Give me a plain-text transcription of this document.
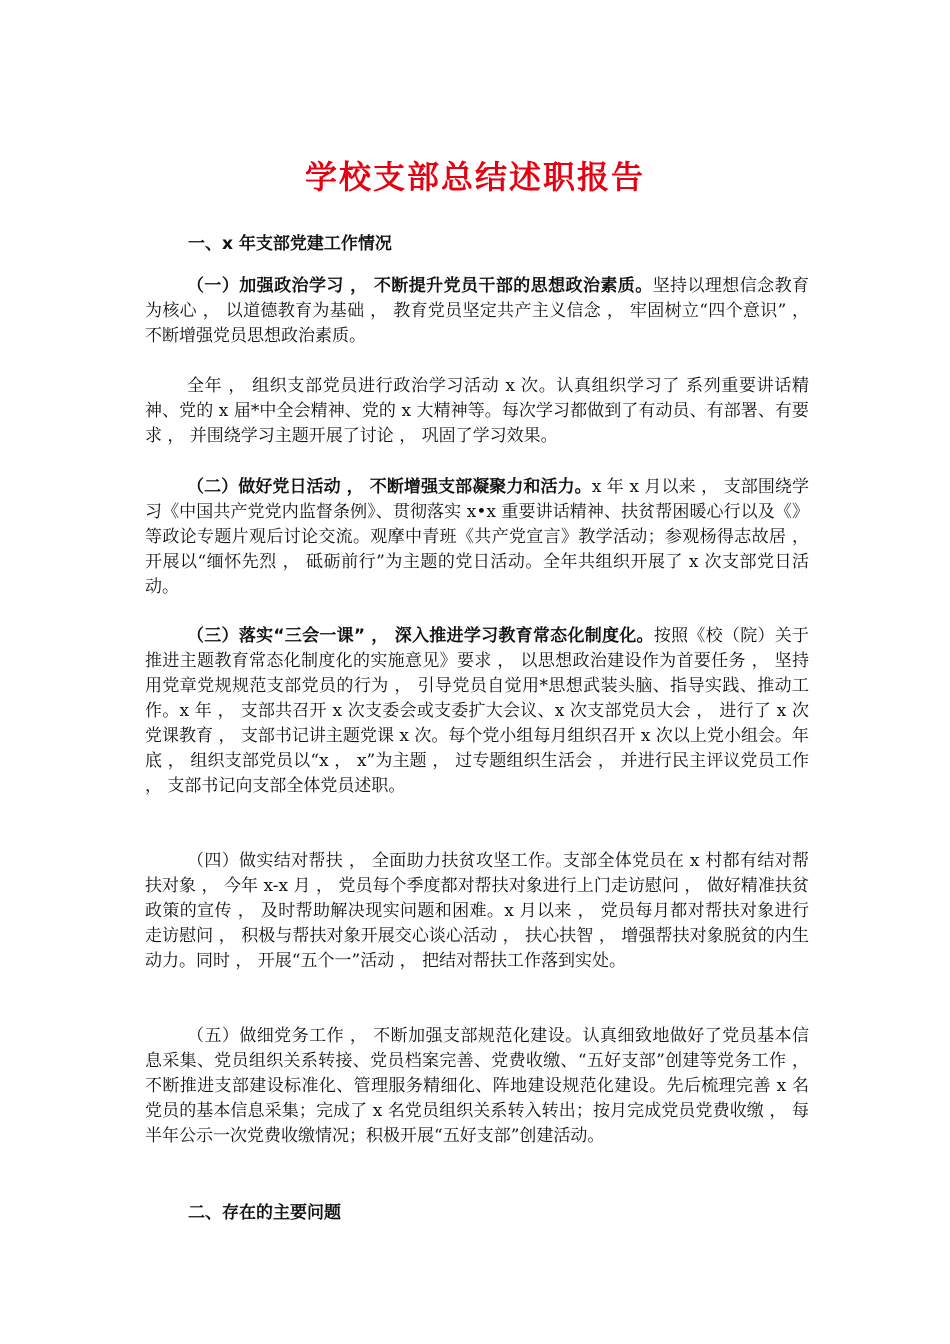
学校支部总结述职报告
一、x 年支部党建工作情况
（一）加强政治学习 ， 不断提升党员干部的思想政治素质。坚持以理想信念教育为核心 ， 以道德教育为基础 ， 教育党员坚定共产主义信念 ， 牢固树立“四个意识” ， 不断增强党员思想政治素质。
全年 ， 组织支部党员进行政治学习活动 x 次。认真组织学习了 系列重要讲话精神、党的 x 届*中全会精神、党的 x 大精神等。每次学习都做到了有动员、有部署、有要求 ， 并围绕学习主题开展了讨论 ， 巩固了学习效果。
（二）做好党日活动 ， 不断增强支部凝聚力和活力。x 年 x 月以来 ， 支部围绕学习《中国共产党党内监督条例》、贯彻落实 x•x 重要讲话精神、扶贫帮困暖心行以及《》等政论专题片观后讨论交流。观摩中青班《共产党宣言》教学活动；参观杨得志故居 ， 开展以“缅怀先烈 ， 砥砺前行”为主题的党日活动。全年共组织开展了 x 次支部党日活动。
（三）落实“三会一课” ， 深入推进学习教育常态化制度化。按照《校（院）关于推进主题教育常态化制度化的实施意见》要求 ， 以思想政治建设作为首要任务 ， 坚持用党章党规规范支部党员的行为 ， 引导党员自觉用*思想武装头脑、指导实践、推动工作。x 年 ， 支部共召开 x 次支委会或支委扩大会议、x 次支部党员大会 ， 进行了 x 次党课教育 ， 支部书记讲主题党课 x 次。每个党小组每月组织召开 x 次以上党小组会。年底 ， 组织支部党员以“x ， x”为主题 ， 过专题组织生活会 ， 并进行民主评议党员工作 ， 支部书记向支部全体党员述职。
（四）做实结对帮扶 ， 全面助力扶贫攻坚工作。支部全体党员在 x 村都有结对帮扶对象 ， 今年 x-x 月 ， 党员每个季度都对帮扶对象进行上门走访慰问 ， 做好精准扶贫政策的宣传 ， 及时帮助解决现实问题和困难。x 月以来 ， 党员每月都对帮扶对象进行走访慰问 ， 积极与帮扶对象开展交心谈心活动 ， 扶心扶智 ， 增强帮扶对象脱贫的内生动力。同时 ， 开展“五个一”活动 ， 把结对帮扶工作落到实处。
（五）做细党务工作 ， 不断加强支部规范化建设。认真细致地做好了党员基本信息采集、党员组织关系转接、党员档案完善、党费收缴、“五好支部”创建等党务工作 ， 不断推进支部建设标准化、管理服务精细化、阵地建设规范化建设。先后梳理完善 x 名党员的基本信息采集；完成了 x 名党员组织关系转入转出；按月完成党员党费收缴 ， 每半年公示一次党费收缴情况；积极开展“五好支部”创建活动。
二、存在的主要问题
